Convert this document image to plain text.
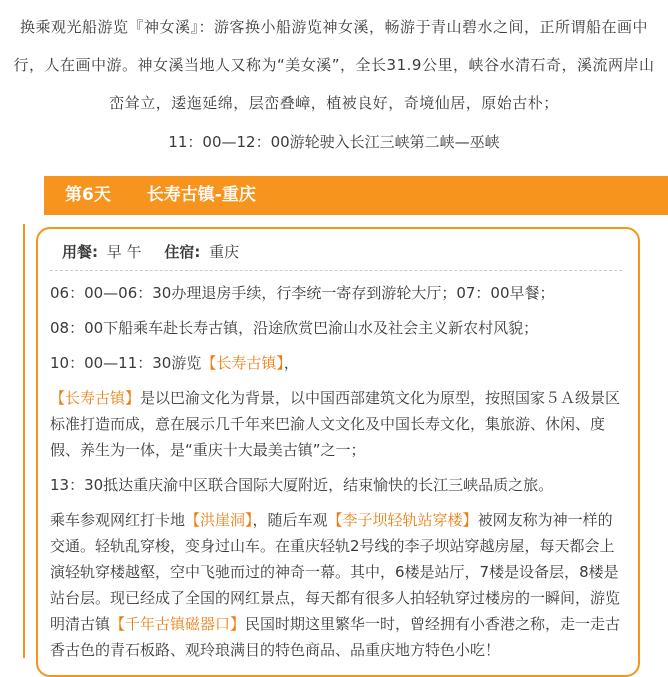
换乘观光船游览『神女溪』：游客换小船游览神女溪，畅游于青山碧水之间，正所谓船在画中行，人在画中游。神女溪当地人又称为“美女溪”，全长31.9公里，峡谷水清石奇，溪流两岸山峦耸立，逶迤延绵，层峦叠嶂，植被良好，奇境仙居，原始古朴；

11：00—12：00游轮驶入长江三峡第二峡—巫峡

第6天 长寿古镇-重庆
用餐: 早 午 住宿: 重庆

06：00—06：30办理退房手续，行李统一寄存到游轮大厅；07：00早餐；

08：00下船乘车赴长寿古镇，沿途欣赏巴渝山水及社会主义新农村风貌；

10：00—11：30游览【长寿古镇】，

【长寿古镇】是以巴渝文化为背景，以中国西部建筑文化为原型，按照国家５Ａ级景区标准打造而成，意在展示几千年来巴渝人文文化及中国长寿文化，集旅游、休闲、度假、养生为一体，是“重庆十大最美古镇”之一；

13：30抵达重庆渝中区联合国际大厦附近，结束愉快的长江三峡品质之旅。

乘车参观网红打卡地【洪崖洞】，随后车观【李子坝轻轨站穿楼】被网友称为神一样的交通。轻轨乱穿梭，变身过山车。在重庆轻轨2号线的李子坝站穿越房屋，每天都会上演轻轨穿楼越壑，空中飞驰而过的神奇一幕。其中，6楼是站厅，7楼是设备层，8楼是站台层。现已经成了全国的网红景点，每天都有很多人拍轻轨穿过楼房的一瞬间，游览明清古镇【千年古镇磁器口】民国时期这里繁华一时，曾经拥有小香港之称，走一走古香古色的青石板路、观玲琅满目的特色商品、品重庆地方特色小吃！
